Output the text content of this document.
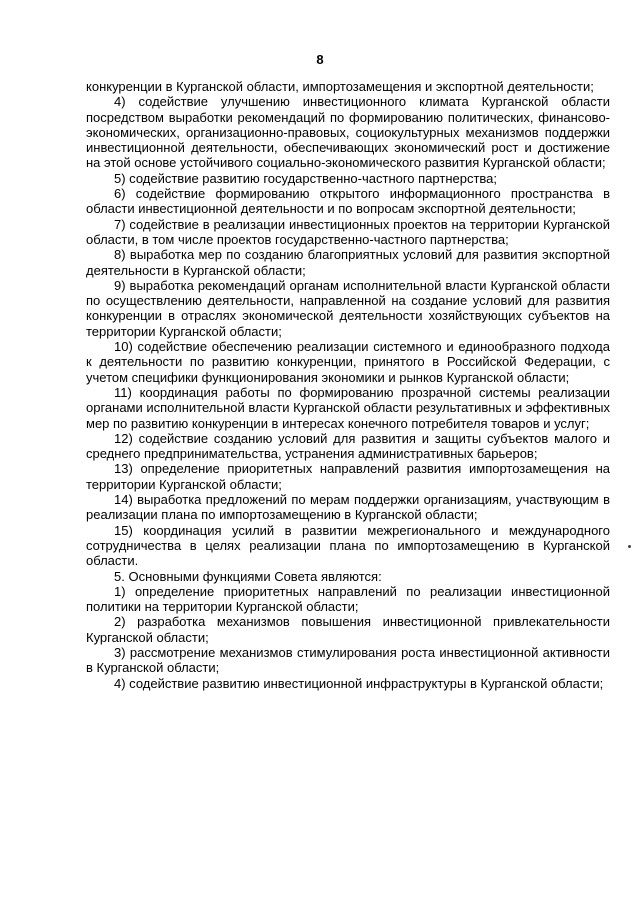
8

конкуренции в Курганской области, импортозамещения и экспортной деятельности;

4) содействие улучшению инвестиционного климата Курганской области посредством выработки рекомендаций по формированию политических, финансово-экономических, организационно-правовых, социокультурных механизмов поддержки инвестиционной деятельности, обеспечивающих экономический рост и достижение на этой основе устойчивого социально-экономического развития Курганской области;

5) содействие развитию государственно-частного партнерства;

6) содействие формированию открытого информационного пространства в области инвестиционной деятельности и по вопросам экспортной деятельности;

7) содействие в реализации инвестиционных проектов на территории Курганской области, в том числе проектов государственно-частного партнерства;

8) выработка мер по созданию благоприятных условий для развития экспортной деятельности в Курганской области;

9) выработка рекомендаций органам исполнительной власти Курганской области по осуществлению деятельности, направленной на создание условий для развития конкуренции в отраслях экономической деятельности хозяйствующих субъектов на территории Курганской области;

10) содействие обеспечению реализации системного и единообразного подхода к деятельности по развитию конкуренции, принятого в Российской Федерации, с учетом специфики функционирования экономики и рынков Курганской области;

11) координация работы по формированию прозрачной системы реализации органами исполнительной власти Курганской области результативных и эффективных мер по развитию конкуренции в интересах конечного потребителя товаров и услуг;

12) содействие созданию условий для развития и защиты субъектов малого и среднего предпринимательства, устранения административных барьеров;

13) определение приоритетных направлений развития импортозамещения на территории Курганской области;

14) выработка предложений по мерам поддержки организациям, участвующим в реализации плана по импортозамещению в Курганской области;

15) координация усилий в развитии межрегионального и международного сотрудничества в целях реализации плана по импортозамещению в Курганской области.

5. Основными функциями Совета являются:

1) определение приоритетных направлений по реализации инвестиционной политики на территории Курганской области;

2) разработка механизмов повышения инвестиционной привлекательности Курганской области;

3) рассмотрение механизмов стимулирования роста инвестиционной активности в Курганской области;

4) содействие развитию инвестиционной инфраструктуры в Курганской области;
